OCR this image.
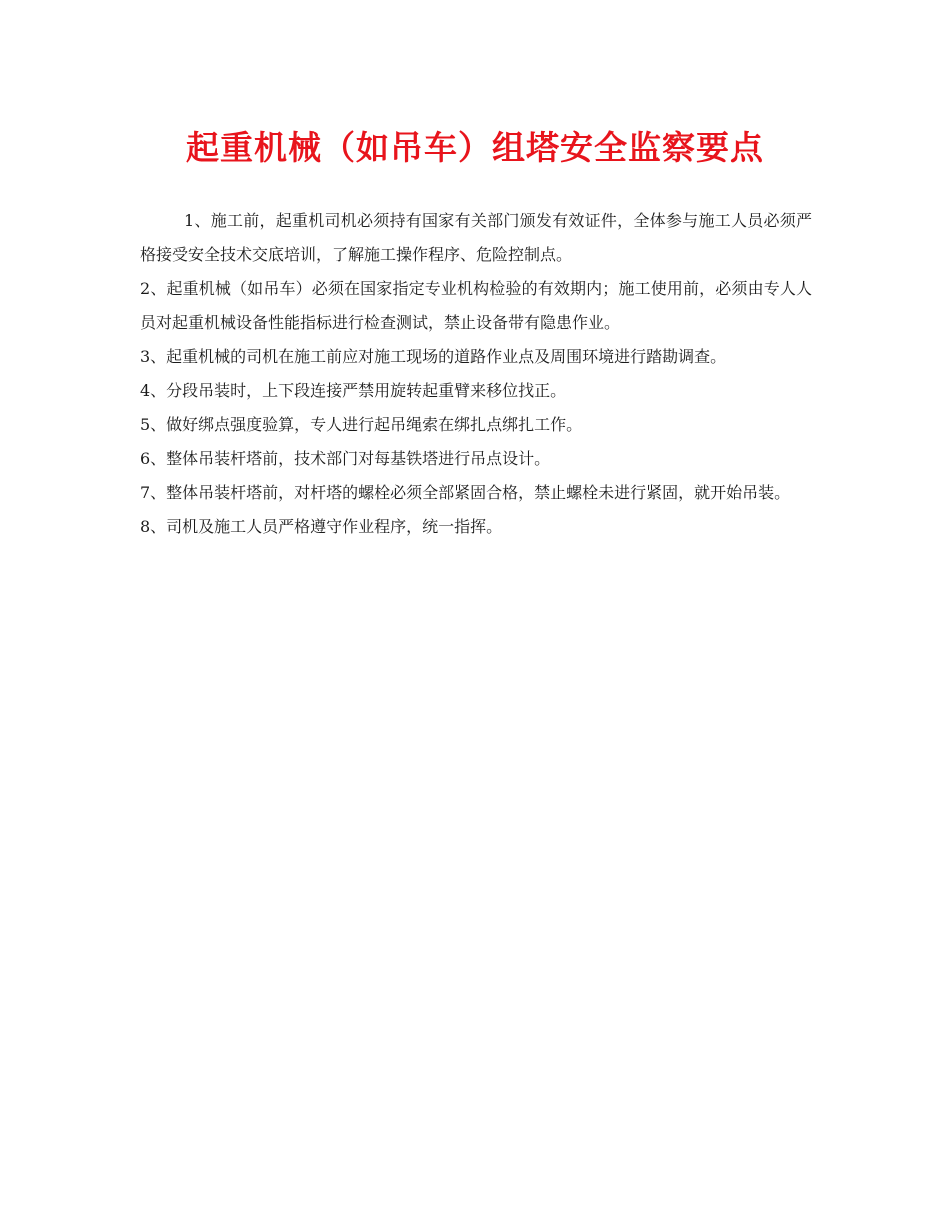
起重机械（如吊车）组塔安全监察要点

1、施工前，起重机司机必须持有国家有关部门颁发有效证件，全体参与施工人员必须严格接受安全技术交底培训，了解施工操作程序、危险控制点。

2、起重机械（如吊车）必须在国家指定专业机构检验的有效期内；施工使用前，必须由专人人员对起重机械设备性能指标进行检查测试，禁止设备带有隐患作业。

3、起重机械的司机在施工前应对施工现场的道路作业点及周围环境进行踏勘调查。

4、分段吊装时，上下段连接严禁用旋转起重臂来移位找正。

5、做好绑点强度验算，专人进行起吊绳索在绑扎点绑扎工作。

6、整体吊装杆塔前，技术部门对每基铁塔进行吊点设计。

7、整体吊装杆塔前，对杆塔的螺栓必须全部紧固合格，禁止螺栓未进行紧固，就开始吊装。

8、司机及施工人员严格遵守作业程序，统一指挥。
